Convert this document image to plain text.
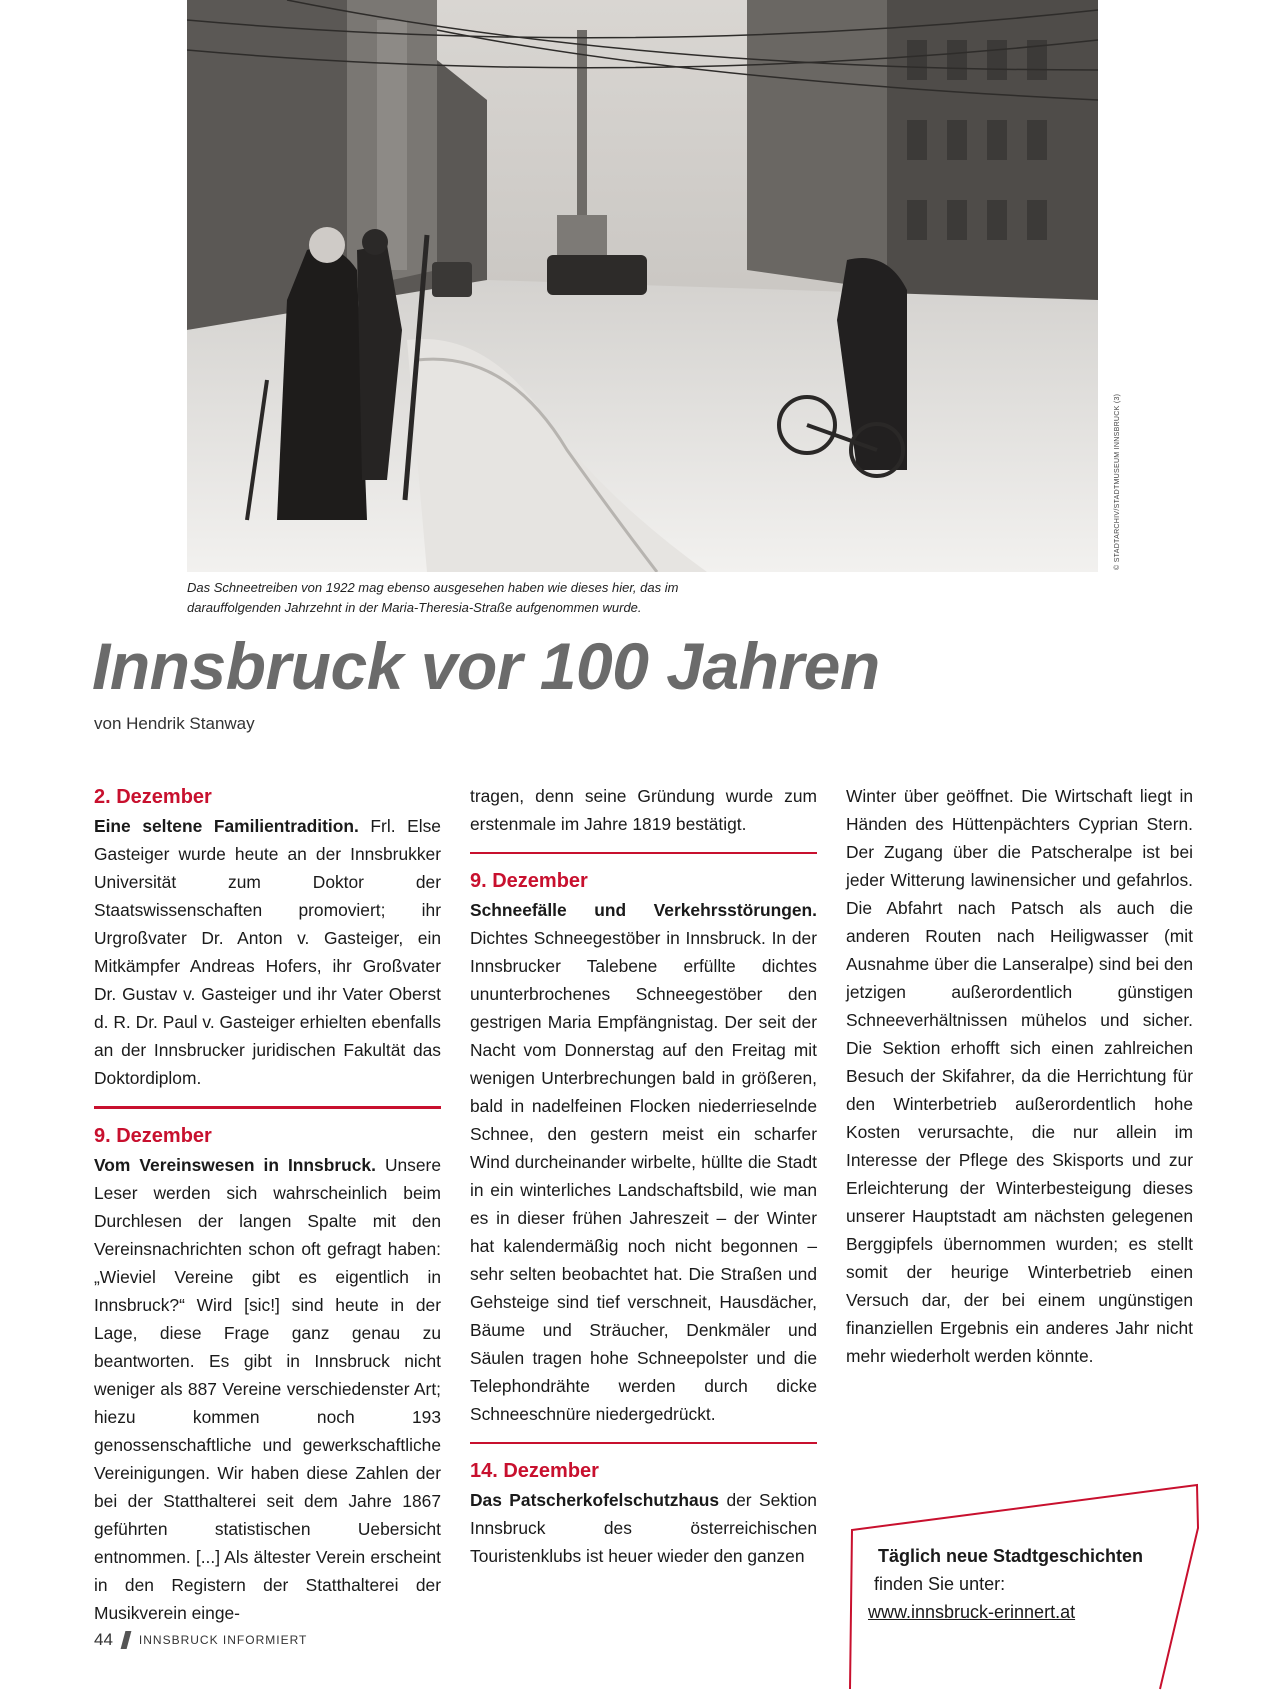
© STADTARCHIV/STADTMUSEUM INNSBRUCK (3)
Das Schneetreiben von 1922 mag ebenso ausgesehen haben wie dieses hier, das im darauffolgenden Jahrzehnt in der Maria-Theresia-Straße aufgenommen wurde.
Innsbruck vor 100 Jahren
von Hendrik Stanway
2. Dezember

Eine seltene Familientradition. Frl. Else Gasteiger wurde heute an der Innsbrukker Universität zum Doktor der Staatswissenschaften promoviert; ihr Urgroßvater Dr. Anton v. Gasteiger, ein Mitkämpfer Andreas Hofers, ihr Großvater Dr. Gustav v. Gasteiger und ihr Vater Oberst d. R. Dr. Paul v. Gasteiger erhielten ebenfalls an der Innsbrucker juridischen Fakultät das Doktordiplom.

9. Dezember

Vom Vereinswesen in Innsbruck. Unsere Leser werden sich wahrscheinlich beim Durchlesen der langen Spalte mit den Vereinsnachrichten schon oft gefragt haben: „Wieviel Vereine gibt es eigentlich in Innsbruck?“ Wird [sic!] sind heute in der Lage, diese Frage ganz genau zu beantworten. Es gibt in Innsbruck nicht weniger als 887 Vereine verschiedenster Art; hiezu kommen noch 193 genossenschaftliche und gewerkschaftliche Vereinigungen. Wir haben diese Zahlen der bei der Statthalterei seit dem Jahre 1867 geführten statistischen Uebersicht entnommen. [...] Als ältester Verein erscheint in den Registern der Statthalterei der Musikverein einge-

tragen, denn seine Gründung wurde zum erstenmale im Jahre 1819 bestätigt.

9. Dezember

Schneefälle und Verkehrsstörungen. Dichtes Schneegestöber in Innsbruck. In der Innsbrucker Talebene erfüllte dichtes ununterbrochenes Schneegestöber den gestrigen Maria Empfängnistag. Der seit der Nacht vom Donnerstag auf den Freitag mit wenigen Unterbrechungen bald in größeren, bald in nadelfeinen Flocken niederrieselnde Schnee, den gestern meist ein scharfer Wind durcheinander wirbelte, hüllte die Stadt in ein winterliches Landschaftsbild, wie man es in dieser frühen Jahreszeit – der Winter hat kalendermäßig noch nicht begonnen – sehr selten beobachtet hat. Die Straßen und Gehsteige sind tief verschneit, Hausdächer, Bäume und Sträucher, Denkmäler und Säulen tragen hohe Schneepolster und die Telephondrähte werden durch dicke Schneeschnüre niedergedrückt.

14. Dezember

Das Patscherkofelschutzhaus der Sektion Innsbruck des österreichischen Touristenklubs ist heuer wieder den ganzen

Winter über geöffnet. Die Wirtschaft liegt in Händen des Hüttenpächters Cyprian Stern. Der Zugang über die Patscheralpe ist bei jeder Witterung lawinensicher und gefahrlos. Die Abfahrt nach Patsch als auch die anderen Routen nach Heiligwasser (mit Ausnahme über die Lanseralpe) sind bei den jetzigen außerordentlich günstigen Schneeverhältnissen mühelos und sicher. Die Sektion erhofft sich einen zahlreichen Besuch der Skifahrer, da die Herrichtung für den Winterbetrieb außerordentlich hohe Kosten verursachte, die nur allein im Interesse der Pflege des Skisports und zur Erleichterung der Winterbesteigung dieses unserer Hauptstadt am nächsten gelegenen Berggipfels übernommen wurden; es stellt somit der heurige Winterbetrieb einen Versuch dar, der bei einem ungünstigen finanziellen Ergebnis ein anderes Jahr nicht mehr wiederholt werden könnte.

Täglich neue Stadtgeschichten
finden Sie unter:
www.innsbruck-erinnert.at
44 INNSBRUCK INFORMIERT
